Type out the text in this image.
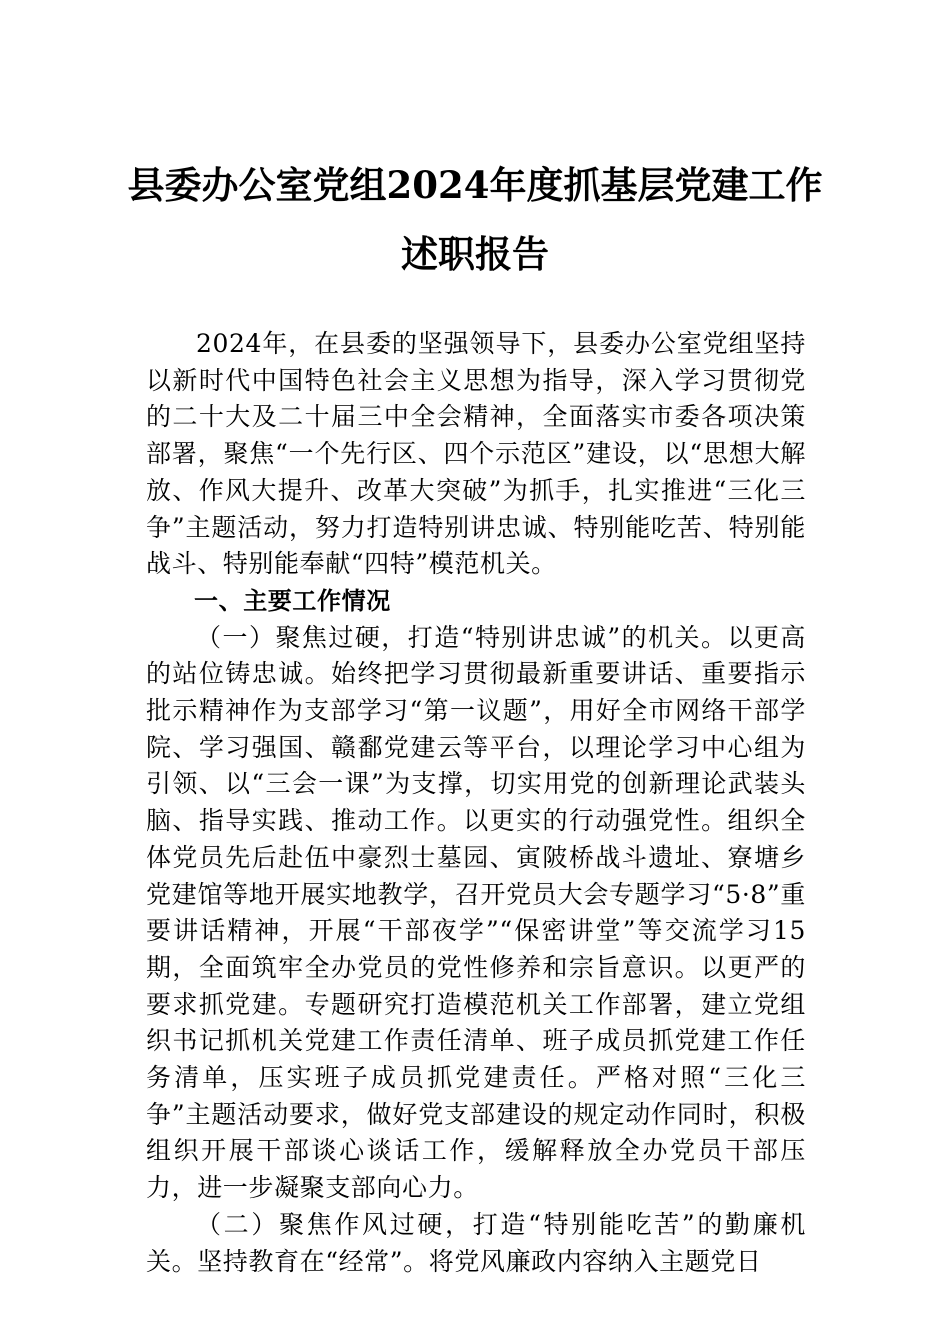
县委办公室党组2024年度抓基层党建工作
述职报告

2024年，在县委的坚强领导下，县委办公室党组坚持以新时代中国特色社会主义思想为指导，深入学习贯彻党的二十大及二十届三中全会精神，全面落实市委各项决策部署，聚焦“一个先行区、四个示范区”建设，以“思想大解放、作风大提升、改革大突破”为抓手，扎实推进“三化三争”主题活动，努力打造特别讲忠诚、特别能吃苦、特别能战斗、特别能奉献“四特”模范机关。

一、主要工作情况

（一）聚焦过硬，打造“特别讲忠诚”的机关。以更高的站位铸忠诚。始终把学习贯彻最新重要讲话、重要指示批示精神作为支部学习“第一议题”，用好全市网络干部学院、学习强国、赣鄱党建云等平台，以理论学习中心组为引领、以“三会一课”为支撑，切实用党的创新理论武装头脑、指导实践、推动工作。以更实的行动强党性。组织全体党员先后赴伍中豪烈士墓园、寅陂桥战斗遗址、寮塘乡党建馆等地开展实地教学，召开党员大会专题学习“5·8”重要讲话精神，开展“干部夜学”“保密讲堂”等交流学习15期，全面筑牢全办党员的党性修养和宗旨意识。以更严的要求抓党建。专题研究打造模范机关工作部署，建立党组织书记抓机关党建工作责任清单、班子成员抓党建工作任务清单，压实班子成员抓党建责任。严格对照“三化三争”主题活动要求，做好党支部建设的规定动作同时，积极组织开展干部谈心谈话工作，缓解释放全办党员干部压力，进一步凝聚支部向心力。

（二）聚焦作风过硬，打造“特别能吃苦”的勤廉机关。坚持教育在“经常”。将党风廉政内容纳入主题党日
